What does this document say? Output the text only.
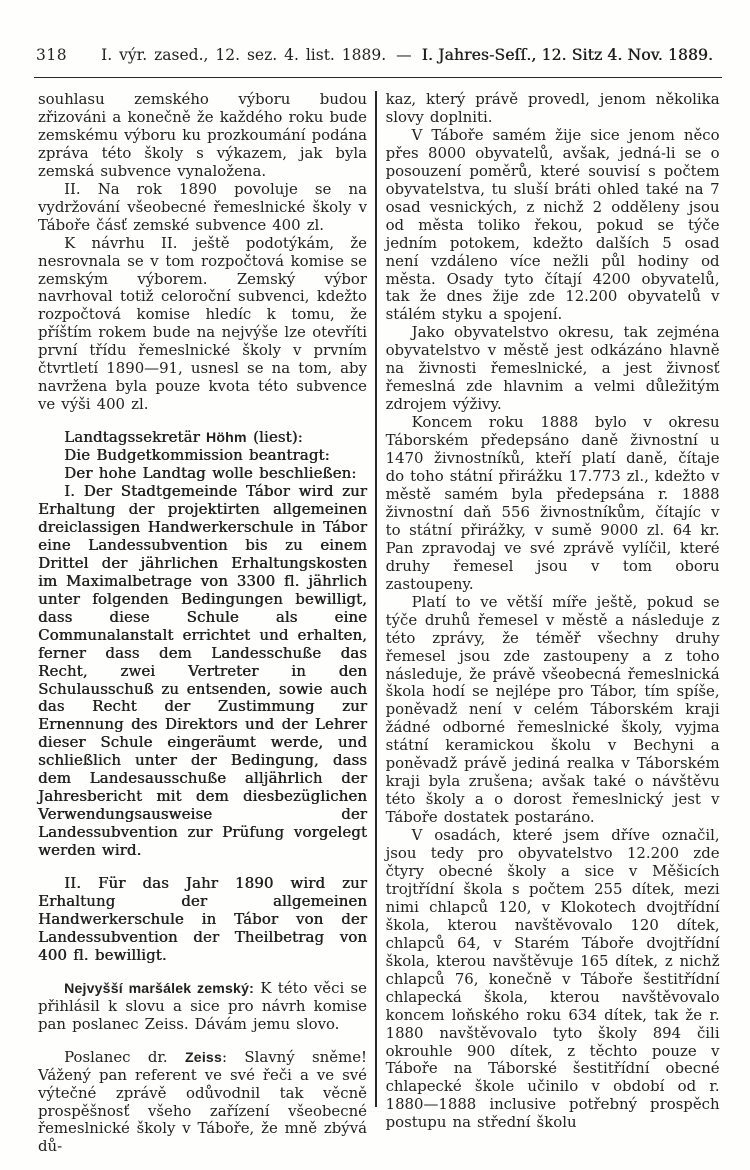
318 I. výr. zased., 12. sez. 4. list. 1889. — I. Jahres-Seſſ., 12. Sitz 4. Nov. 1889.

souhlasu zemského výboru budou zřizováni a konečně že každého roku bude zemskému výboru ku prozkoumání podána zpráva této školy s výkazem, jak byla zemská subvence vynaložena.

II. Na rok 1890 povoluje se na vydržování všeobecné řemeslnické školy v Táboře čásť zemské subvence 400 zl.

K návrhu II. ještě podotýkám, že nesrovnala se v tom rozpočtová komise se zemským výborem. Zemský výbor navrhoval totiž celoroční subvenci, kdežto rozpočtová komise hledíc k tomu, že příštím rokem bude na nejvýše lze otevříti první třídu řemeslnické školy v prvním čtvrtletí 1890—91, usnesl se na tom, aby navržena byla pouze kvota této subvence ve výši 400 zl.

Landtagssekretär Höhm (liest):

Die Budgetkommission beantragt:

Der hohe Landtag wolle beschließen:

I. Der Stadtgemeinde Tábor wird zur Erhaltung der projektirten allgemeinen dreiclassigen Handwerkerschule in Tábor eine Landessubvention bis zu einem Drittel der jährlichen Erhaltungskosten im Maximalbetrage von 3300 fl. jährlich unter folgenden Bedingungen bewilligt, dass diese Schule als eine Communalanstalt errichtet und erhalten, ferner dass dem Landesschuße das Recht, zwei Vertreter in den Schulausschuß zu entsenden, sowie auch das Recht der Zustimmung zur Ernennung des Direktors und der Lehrer dieser Schule eingeräumt werde, und schließlich unter der Bedingung, dass dem Landesausschuße alljährlich der Jahresbericht mit dem diesbezüglichen Verwendungsausweise der Landessubvention zur Prüfung vorgelegt werden wird.

II. Für das Jahr 1890 wird zur Erhaltung der allgemeinen Handwerkerschule in Tábor von der Landessubvention der Theilbetrag von 400 fl. bewilligt.

Nejvyšší maršálek zemský: K této věci se přihlásil k slovu a sice pro návrh komise pan poslanec Zeiss. Dávám jemu slovo.

Poslanec dr. Zeiss: Slavný sněme! Vážený pan referent ve své řeči a ve své výtečné zprávě odůvodnil tak věcně prospěšnosť všeho zařízení všeobecné řemeslnické školy v Táboře, že mně zbývá dů-

kaz, který právě provedl, jenom několika slovy doplniti.

V Táboře samém žije sice jenom něco přes 8000 obyvatelů, avšak, jedná-li se o posouzení poměrů, které souvisí s počtem obyvatelstva, tu sluší bráti ohled také na 7 osad vesnických, z nichž 2 odděleny jsou od města toliko řekou, pokud se týče jedním potokem, kdežto dalších 5 osad není vzdáleno více nežli půl hodiny od města. Osady tyto čítají 4200 obyvatelů, tak že dnes žije zde 12.200 obyvatelů v stálém styku a spojení.

Jako obyvatelstvo okresu, tak zejména obyvatelstvo v městě jest odkázáno hlavně na živnosti řemeslnické, a jest živnosť řemeslná zde hlavnim a velmi důležitým zdrojem výživy.

Koncem roku 1888 bylo v okresu Táborském předepsáno daně živnostní u 1470 živnostníků, kteří platí daně, čítaje do toho státní přirážku 17.773 zl., kdežto v městě samém byla předepsána r. 1888 živnostní daň 556 živnostníkům, čítajíc v to státní přirážky, v sumě 9000 zl. 64 kr. Pan zpravodaj ve své zprávě vylíčil, které druhy řemesel jsou v tom oboru zastoupeny.

Platí to ve větší míře ještě, pokud se týče druhů řemesel v městě a následuje z této zprávy, že téměř všechny druhy řemesel jsou zde zastoupeny a z toho následuje, že právě všeobecná řemeslnická škola hodí se nejlépe pro Tábor, tím spíše, poněvadž není v celém Táborském kraji žádné odborné řemeslnické školy, vyjma státní keramickou školu v Bechyni a poněvadž právě jediná realka v Táborském kraji byla zrušena; avšak také o návštěvu této školy a o dorost řemeslnický jest v Táboře dostatek postaráno.

V osadách, které jsem dříve označil, jsou tedy pro obyvatelstvo 12.200 zde čtyry obecné školy a sice v Měšicích trojtřídní škola s počtem 255 dítek, mezi nimi chlapců 120, v Klokotech dvojtřídní škola, kterou navštěvovalo 120 dítek, chlapců 64, v Starém Táboře dvojtřídní škola, kterou navštěvuje 165 dítek, z nichž chlapců 76, konečně v Táboře šestitřídní chlapecká škola, kterou navštěvovalo koncem loňského roku 634 dítek, tak že r. 1880 navštěvovalo tyto školy 894 čili okrouhle 900 dítek, z těchto pouze v Táboře na Táborské šestitřídní obecné chlapecké škole učinilo v období od r. 1880—1888 inclusive potřebný prospěch postupu na střední školu
